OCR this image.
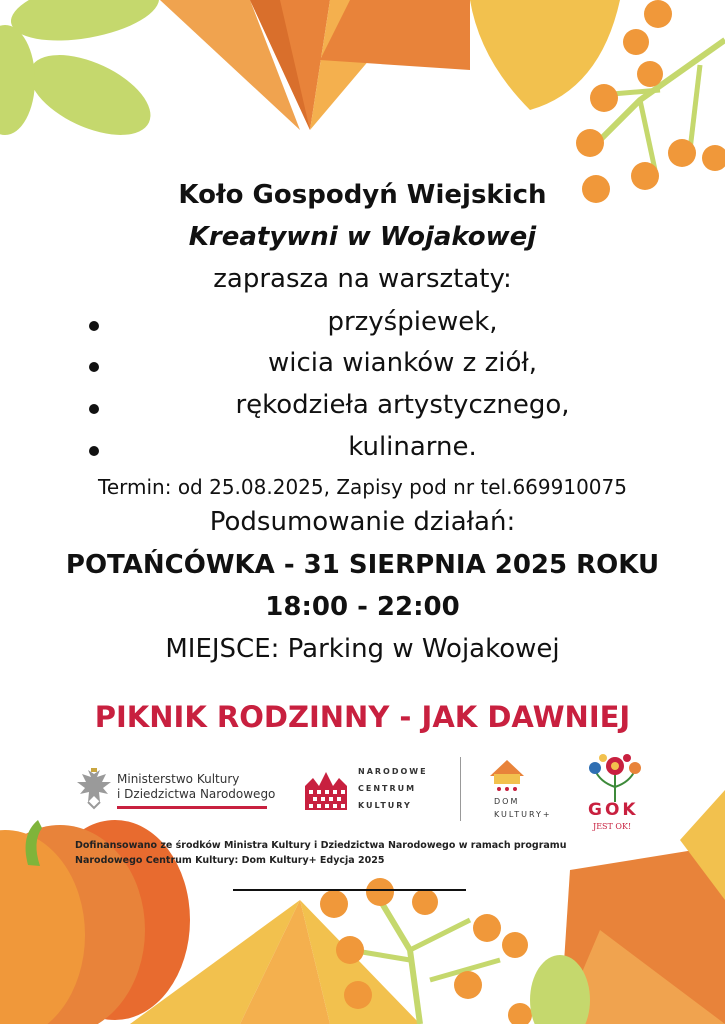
Koło Gospodyń Wiejskich
Kreatywni w Wojakowej
zaprasza na warsztaty:
przyśpiewek,
wicia wianków z ziół,
rękodzieła artystycznego,
kulinarne.
Termin: od 25.08.2025, Zapisy pod nr tel.669910075
Podsumowanie działań:
POTAŃCÓWKA - 31 SIERPNIA 2025 ROKU
18:00 - 22:00
MIEJSCE: Parking w Wojakowej
PIKNIK RODZINNY - JAK DAWNIEJ
Ministerstwo Kultury
i Dziedzictwa Narodowego
NARODOWE
CENTRUM
KULTURY	DOM
KULTURY+ GOK
JEST OK!
Dofinansowano ze środków Ministra Kultury i Dziedzictwa Narodowego w ramach programu
Narodowego Centrum Kultury: Dom Kultury+ Edycja 2025
